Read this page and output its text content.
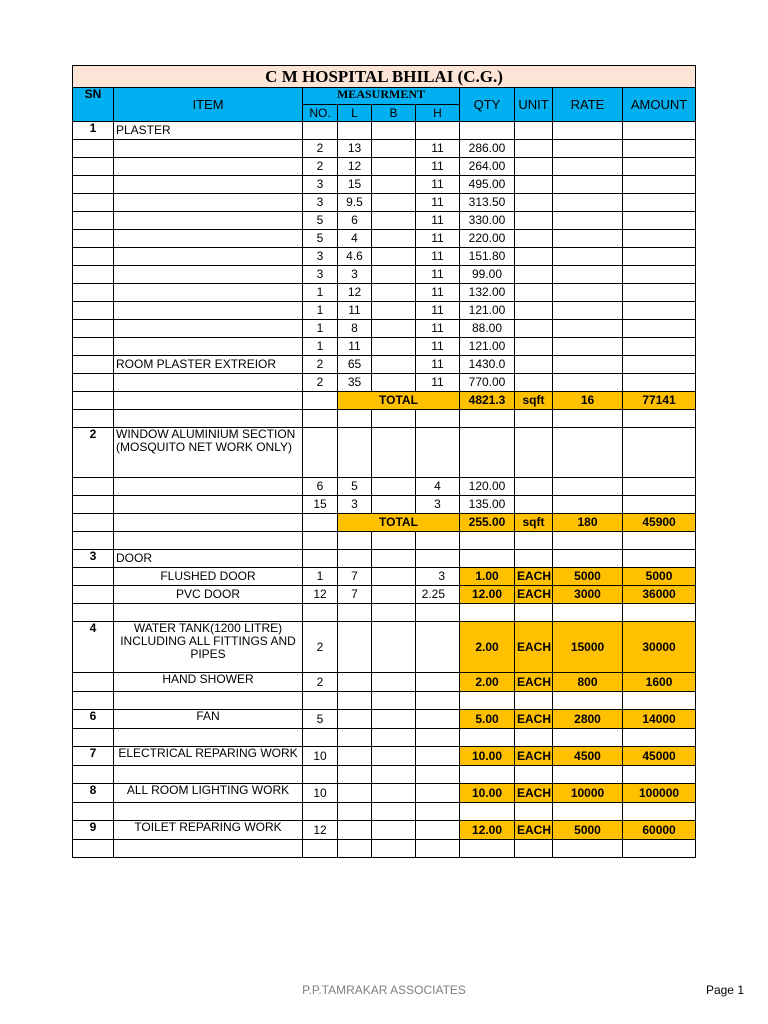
C M HOSPITAL BHILAI (C.G.)									
SN	ITEM	MEASURMENT				QTY	UNIT	RATE	AMOUNT
		NO.	L	B	H				
1	PLASTER								
		2	13		11	286.00			
		2	12		11	264.00			
		3	15		11	495.00			
		3	9.5		11	313.50			
		5	6		11	330.00			
		5	4		11	220.00			
		3	4.6		11	151.80			
		3	3		11	99.00			
		1	12		11	132.00			
		1	11		11	121.00			
		1	8		11	88.00			
		1	11		11	121.00			
	ROOM PLASTER EXTREIOR	2	65		11	1430.0			
		2	35		11	770.00			
			TOTAL			4821.3	sqft	16	77141

2	WINDOW ALUMINIUM SECTION (MOSQUITO NET WORK ONLY)								
		6	5		4	120.00			
		15	3		3	135.00			
			TOTAL			255.00	sqft	180	45900

3	DOOR								
	FLUSHED DOOR	1	7		3	1.00	EACH	5000	5000
	PVC DOOR	12	7		2.25	12.00	EACH	3000	36000

4	WATER TANK(1200 LITRE) INCLUDING ALL FITTINGS AND PIPES	2				2.00	EACH	15000	30000
	HAND SHOWER	2				2.00	EACH	800	1600

6	FAN	5				5.00	EACH	2800	14000

7	ELECTRICAL REPARING WORK	10				10.00	EACH	4500	45000

8	ALL ROOM LIGHTING WORK	10				10.00	EACH	10000	100000

9	TOILET REPARING WORK	12				12.00	EACH	5000	60000

P.P.TAMRAKAR ASSOCIATES	Page 1
